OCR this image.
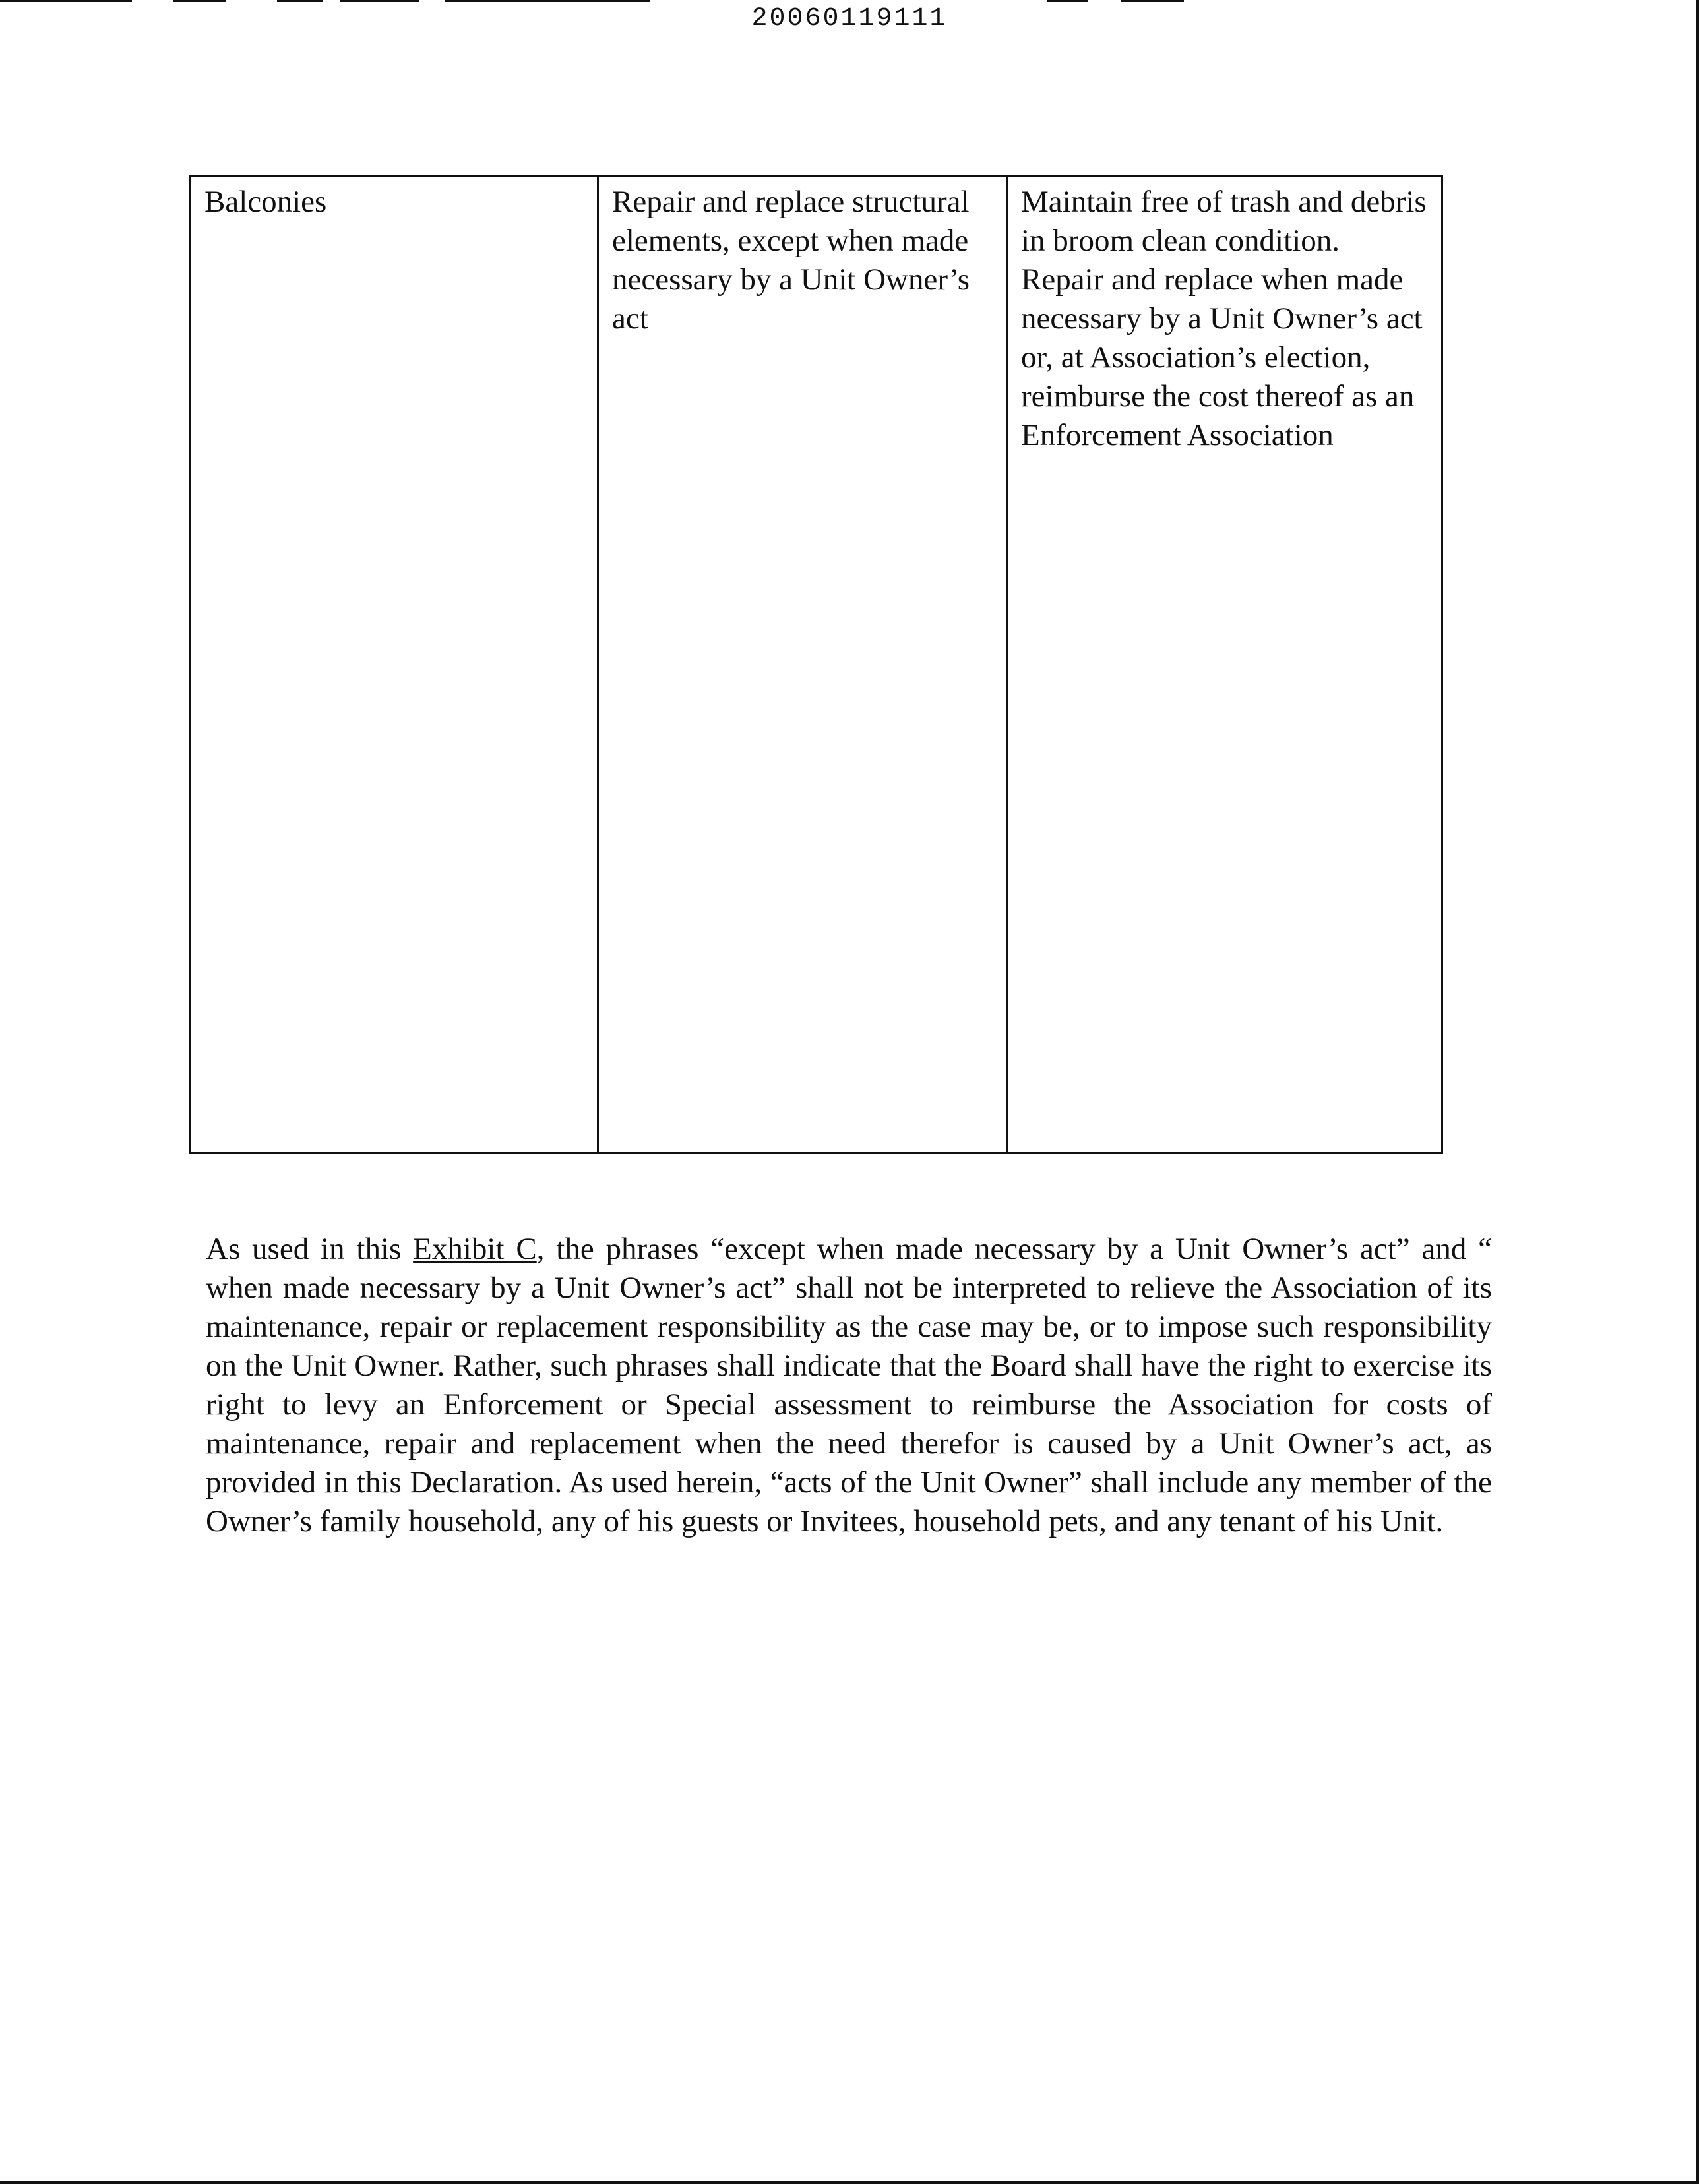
20060119111
Balconies	Repair and replace structural elements, except when made necessary by a Unit Owner’s act	Maintain free of trash and debris in broom clean condition. Repair and replace when made necessary by a Unit Owner’s act or, at Association’s election, reimburse the cost thereof as an Enforcement Association

As used in this Exhibit C, the phrases “except when made necessary by a Unit Owner’s act” and “ when made necessary by a Unit Owner’s act” shall not be interpreted to relieve the Association of its maintenance, repair or replacement responsibility as the case may be, or to impose such responsibility on the Unit Owner. Rather, such phrases shall indicate that the Board shall have the right to exercise its right to levy an Enforcement or Special assessment to reimburse the Association for costs of maintenance, repair and replacement when the need therefor is caused by a Unit Owner’s act, as provided in this Declaration. As used herein, “acts of the Unit Owner” shall include any member of the Owner’s family household, any of his guests or Invitees, household pets, and any tenant of his Unit.
